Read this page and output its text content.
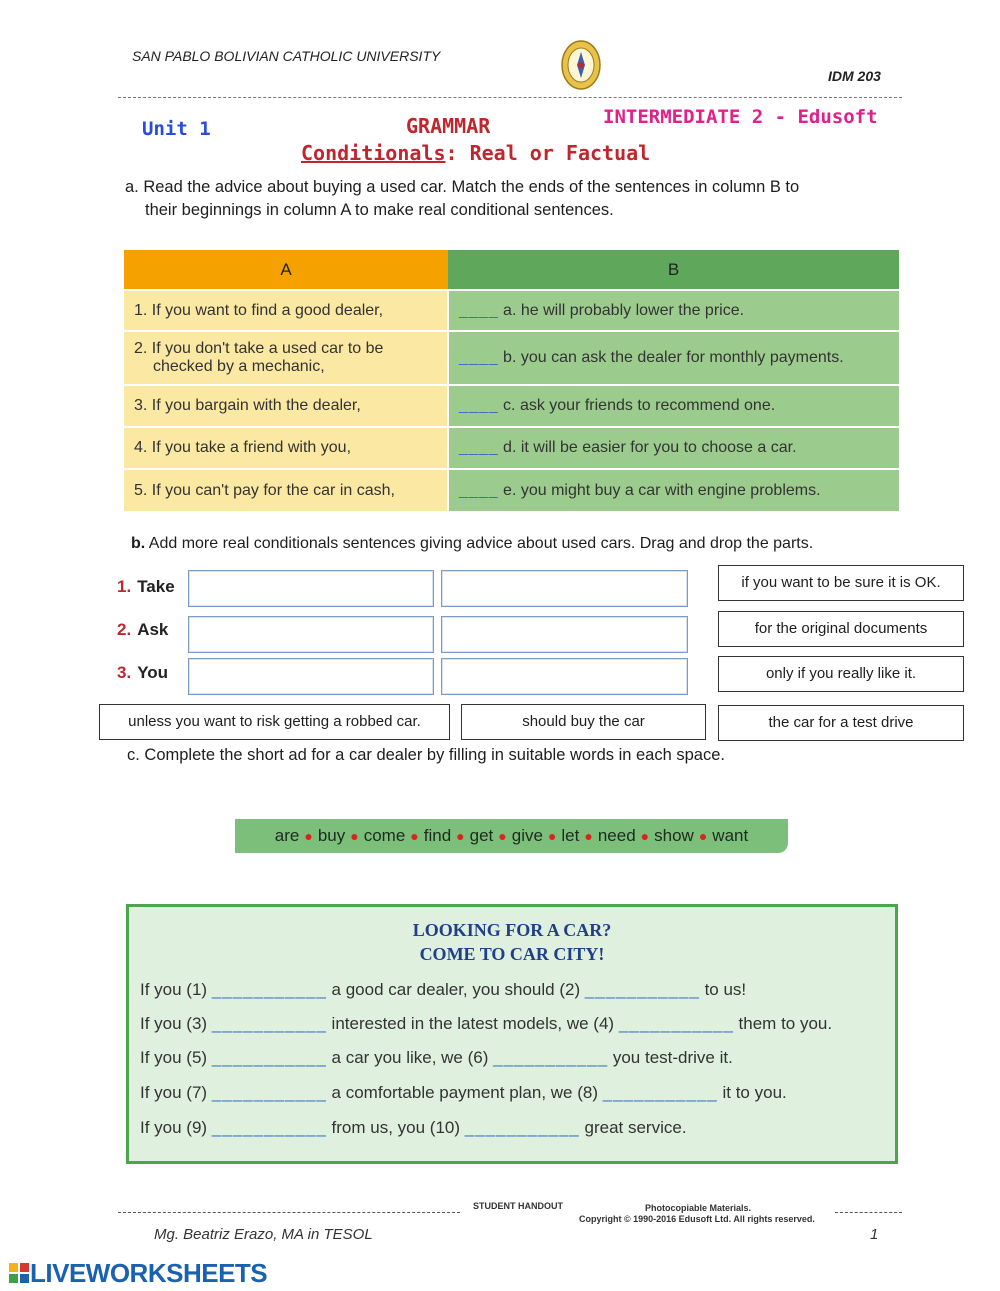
SAN PABLO BOLIVIAN CATHOLIC UNIVERSITY
IDM 203
Unit 1	GRAMMAR	INTERMEDIATE 2 - Edusoft
Conditionals: Real or Factual
a. Read the advice about buying a used car. Match the ends of the sentences in column B to
their beginnings in column A to make real conditional sentences.
A	B
1. If you want to find a good dealer,	____ a. he will probably lower the price.

2. If you don't take a used car to be
checked by a mechanic,	____ b. you can ask the dealer for monthly payments.
3. If you bargain with the dealer,	____ c. ask your friends to recommend one.
4. If you take a friend with you,	____ d. it will be easier for you to choose a car.
5. If you can't pay for the car in cash,	____ e. you might buy a car with engine problems.
b. Add more real conditionals sentences giving advice about used cars. Drag and drop the parts.
1. Take
2. Ask
3. You
if you want to be sure it is OK.
for the original documents
only if you really like it.
unless you want to risk getting a robbed car.	should buy the car	the car for a test drive
c. Complete the short ad for a car dealer by filling in suitable words in each space.
are ● buy ● come ● find ● get ● give ● let ● need ● show ● want
LOOKING FOR A CAR?
COME TO CAR CITY!
If you (1) ___________ a good car dealer, you should (2) ___________ to us!
If you (3) ___________ interested in the latest models, we (4) ___________ them to you.
If you (5) ___________ a car you like, we (6) ___________ you test-drive it.
If you (7) ___________ a comfortable payment plan, we (8) ___________ it to you.
If you (9) ___________ from us, you (10) ___________ great service.
STUDENT HANDOUT	Photocopiable Materials.
Copyright © 1990-2016 Edusoft Ltd. All rights reserved.
Mg. Beatriz Erazo, MA in TESOL	1
LIVEWORKSHEETS
